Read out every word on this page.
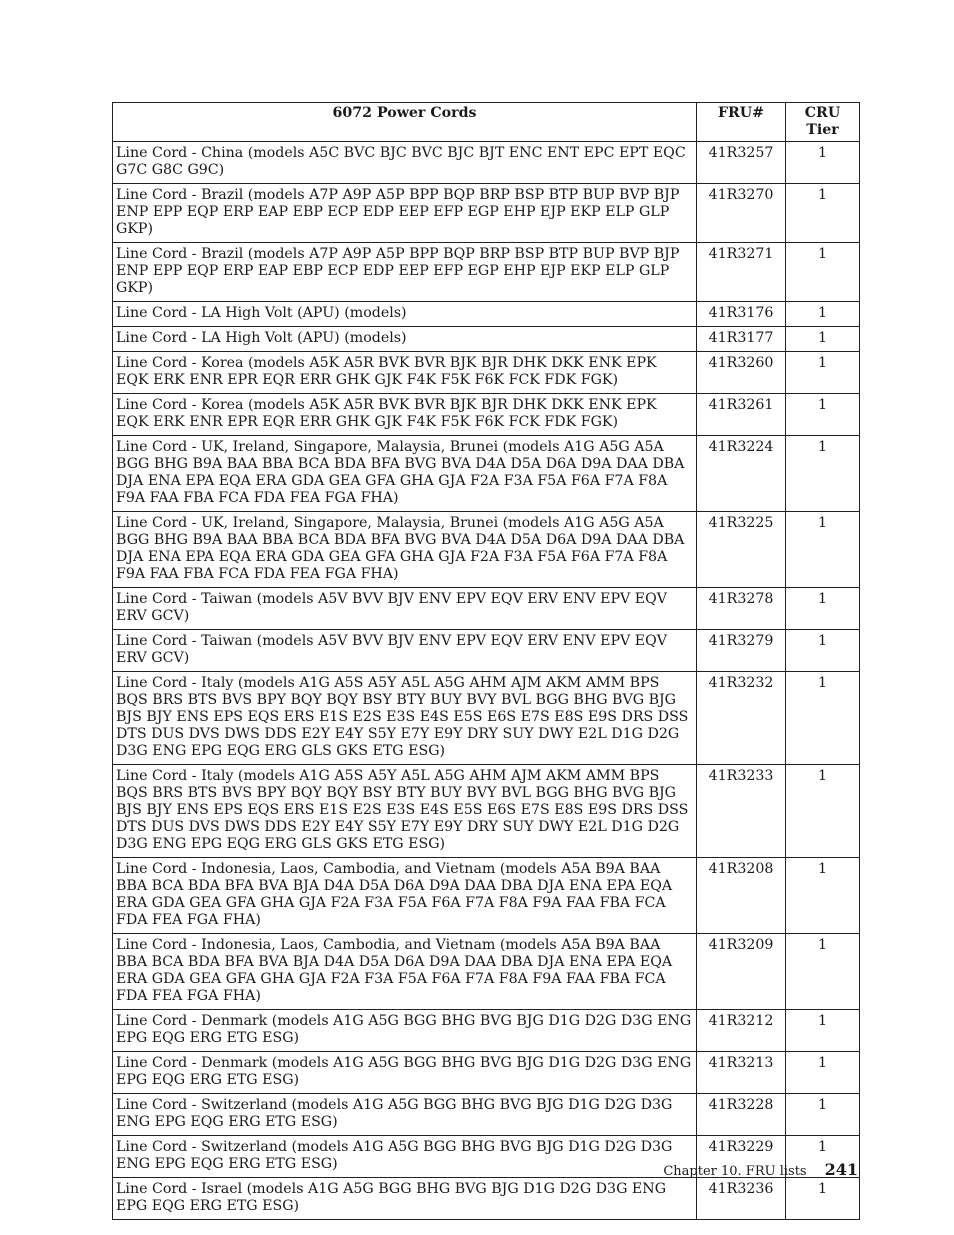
6072 Power Cords	FRU#	CRU Tier
Line Cord - China (models A5C BVC BJC BVC BJC BJT ENC ENT EPC EPT EQC G7C G8C G9C)	41R3257	1
Line Cord - Brazil (models A7P A9P A5P BPP BQP BRP BSP BTP BUP BVP BJP ENP EPP EQP ERP EAP EBP ECP EDP EEP EFP EGP EHP EJP EKP ELP GLP GKP)	41R3270	1
Line Cord - Brazil (models A7P A9P A5P BPP BQP BRP BSP BTP BUP BVP BJP ENP EPP EQP ERP EAP EBP ECP EDP EEP EFP EGP EHP EJP EKP ELP GLP GKP)	41R3271	1
Line Cord - LA High Volt (APU) (models)	41R3176	1
Line Cord - LA High Volt (APU) (models)	41R3177	1
Line Cord - Korea (models A5K A5R BVK BVR BJK BJR DHK DKK ENK EPK EQK ERK ENR EPR EQR ERR GHK GJK F4K F5K F6K FCK FDK FGK)	41R3260	1
Line Cord - Korea (models A5K A5R BVK BVR BJK BJR DHK DKK ENK EPK EQK ERK ENR EPR EQR ERR GHK GJK F4K F5K F6K FCK FDK FGK)	41R3261	1
Line Cord - UK, Ireland, Singapore, Malaysia, Brunei (models A1G A5G A5A BGG BHG B9A BAA BBA BCA BDA BFA BVG BVA D4A D5A D6A D9A DAA DBA DJA ENA EPA EQA ERA GDA GEA GFA GHA GJA F2A F3A F5A F6A F7A F8A F9A FAA FBA FCA FDA FEA FGA FHA)	41R3224	1
Line Cord - UK, Ireland, Singapore, Malaysia, Brunei (models A1G A5G A5A BGG BHG B9A BAA BBA BCA BDA BFA BVG BVA D4A D5A D6A D9A DAA DBA DJA ENA EPA EQA ERA GDA GEA GFA GHA GJA F2A F3A F5A F6A F7A F8A F9A FAA FBA FCA FDA FEA FGA FHA)	41R3225	1
Line Cord - Taiwan (models A5V BVV BJV ENV EPV EQV ERV ENV EPV EQV ERV GCV)	41R3278	1
Line Cord - Taiwan (models A5V BVV BJV ENV EPV EQV ERV ENV EPV EQV ERV GCV)	41R3279	1
Line Cord - Italy (models A1G A5S A5Y A5L A5G AHM AJM AKM AMM BPS BQS BRS BTS BVS BPY BQY BQY BSY BTY BUY BVY BVL BGG BHG BVG BJG BJS BJY ENS EPS EQS ERS E1S E2S E3S E4S E5S E6S E7S E8S E9S DRS DSS DTS DUS DVS DWS DDS E2Y E4Y S5Y E7Y E9Y DRY SUY DWY E2L D1G D2G D3G ENG EPG EQG ERG GLS GKS ETG ESG)	41R3232	1
Line Cord - Italy (models A1G A5S A5Y A5L A5G AHM AJM AKM AMM BPS BQS BRS BTS BVS BPY BQY BQY BSY BTY BUY BVY BVL BGG BHG BVG BJG BJS BJY ENS EPS EQS ERS E1S E2S E3S E4S E5S E6S E7S E8S E9S DRS DSS DTS DUS DVS DWS DDS E2Y E4Y S5Y E7Y E9Y DRY SUY DWY E2L D1G D2G D3G ENG EPG EQG ERG GLS GKS ETG ESG)	41R3233	1
Line Cord - Indonesia, Laos, Cambodia, and Vietnam (models A5A B9A BAA BBA BCA BDA BFA BVA BJA D4A D5A D6A D9A DAA DBA DJA ENA EPA EQA ERA GDA GEA GFA GHA GJA F2A F3A F5A F6A F7A F8A F9A FAA FBA FCA FDA FEA FGA FHA)	41R3208	1
Line Cord - Indonesia, Laos, Cambodia, and Vietnam (models A5A B9A BAA BBA BCA BDA BFA BVA BJA D4A D5A D6A D9A DAA DBA DJA ENA EPA EQA ERA GDA GEA GFA GHA GJA F2A F3A F5A F6A F7A F8A F9A FAA FBA FCA FDA FEA FGA FHA)	41R3209	1
Line Cord - Denmark (models A1G A5G BGG BHG BVG BJG D1G D2G D3G ENG EPG EQG ERG ETG ESG)	41R3212	1
Line Cord - Denmark (models A1G A5G BGG BHG BVG BJG D1G D2G D3G ENG EPG EQG ERG ETG ESG)	41R3213	1
Line Cord - Switzerland (models A1G A5G BGG BHG BVG BJG D1G D2G D3G ENG EPG EQG ERG ETG ESG)	41R3228	1
Line Cord - Switzerland (models A1G A5G BGG BHG BVG BJG D1G D2G D3G ENG EPG EQG ERG ETG ESG)	41R3229	1
Line Cord - Israel (models A1G A5G BGG BHG BVG BJG D1G D2G D3G ENG EPG EQG ERG ETG ESG)	41R3236	1
Chapter 10. FRU lists 241
